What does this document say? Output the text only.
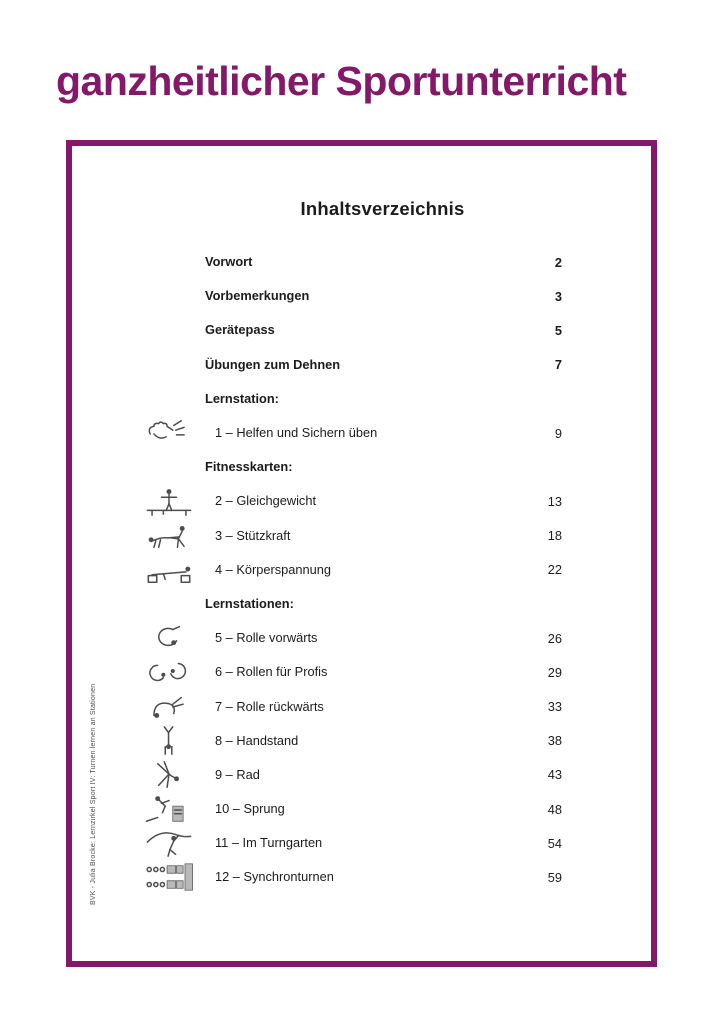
ganzheitlicher Sportunterricht
Inhaltsverzeichnis
Vorwort	2
Vorbemerkungen	3
Gerätepass	5
Übungen zum Dehnen	7
Lernstation:
1 – Helfen und Sichern üben	9
Fitnesskarten:
2 – Gleichgewicht	13
3 – Stützkraft	18
4 – Körperspannung	22
Lernstationen:
5 – Rolle vorwärts	26
6 – Rollen für Profis	29
7 – Rolle rückwärts	33
8 – Handstand	38
9 – Rad	43
10 – Sprung	48
11 – Im Turngarten	54
12 – Synchronturnen	59
BVK - Julia Brocke: Lernzirkel Sport IV: Turnen lernen an Stationen
